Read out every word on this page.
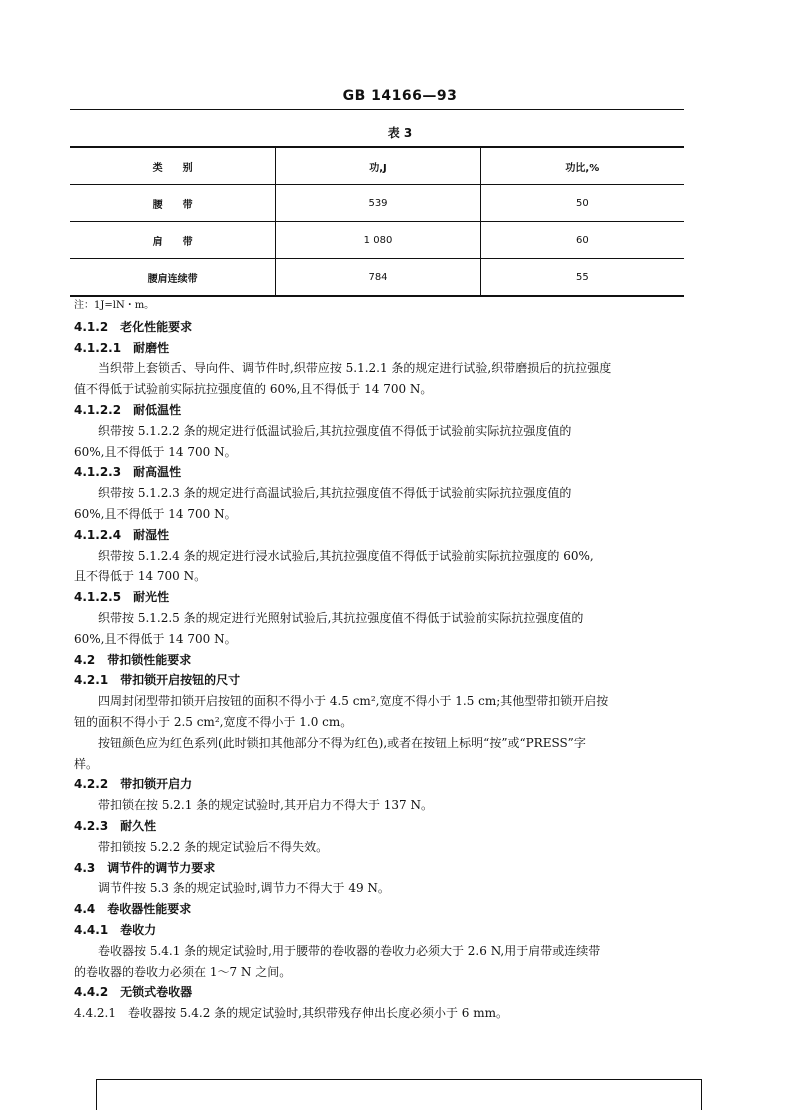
GB 14166—93
表 3
类　　别	功,J	功比,%
腰　　带	539	50
肩　　带	1 080	60
腰肩连续带	784	55
注：1J=lN・m。
4.1.2　老化性能要求
4.1.2.1　耐磨性
当织带上套锁舌、导向件、调节件时,织带应按 5.1.2.1 条的规定进行试验,织带磨损后的抗拉强度
值不得低于试验前实际抗拉强度值的 60%,且不得低于 14 700 N。
4.1.2.2　耐低温性
织带按 5.1.2.2 条的规定进行低温试验后,其抗拉强度值不得低于试验前实际抗拉强度值的
60%,且不得低于 14 700 N。
4.1.2.3　耐高温性
织带按 5.1.2.3 条的规定进行高温试验后,其抗拉强度值不得低于试验前实际抗拉强度值的
60%,且不得低于 14 700 N。
4.1.2.4　耐湿性
织带按 5.1.2.4 条的规定进行浸水试验后,其抗拉强度值不得低于试验前实际抗拉强度的 60%,
且不得低于 14 700 N。
4.1.2.5　耐光性
织带按 5.1.2.5 条的规定进行光照射试验后,其抗拉强度值不得低于试验前实际抗拉强度值的
60%,且不得低于 14 700 N。
4.2　带扣锁性能要求
4.2.1　带扣锁开启按钮的尺寸
四周封闭型带扣锁开启按钮的面积不得小于 4.5 cm²,宽度不得小于 1.5 cm;其他型带扣锁开启按
钮的面积不得小于 2.5 cm²,宽度不得小于 1.0 cm。
按钮颜色应为红色系列(此时锁扣其他部分不得为红色),或者在按钮上标明“按”或“PRESS”字
样。
4.2.2　带扣锁开启力
带扣锁在按 5.2.1 条的规定试验时,其开启力不得大于 137 N。
4.2.3　耐久性
带扣锁按 5.2.2 条的规定试验后不得失效。
4.3　调节件的调节力要求
调节件按 5.3 条的规定试验时,调节力不得大于 49 N。
4.4　卷收器性能要求
4.4.1　卷收力
卷收器按 5.4.1 条的规定试验时,用于腰带的卷收器的卷收力必须大于 2.6 N,用于肩带或连续带
的卷收器的卷收力必须在 1～7 N 之间。
4.4.2　无锁式卷收器
4.4.2.1　卷收器按 5.4.2 条的规定试验时,其织带残存伸出长度必须小于 6 mm。
